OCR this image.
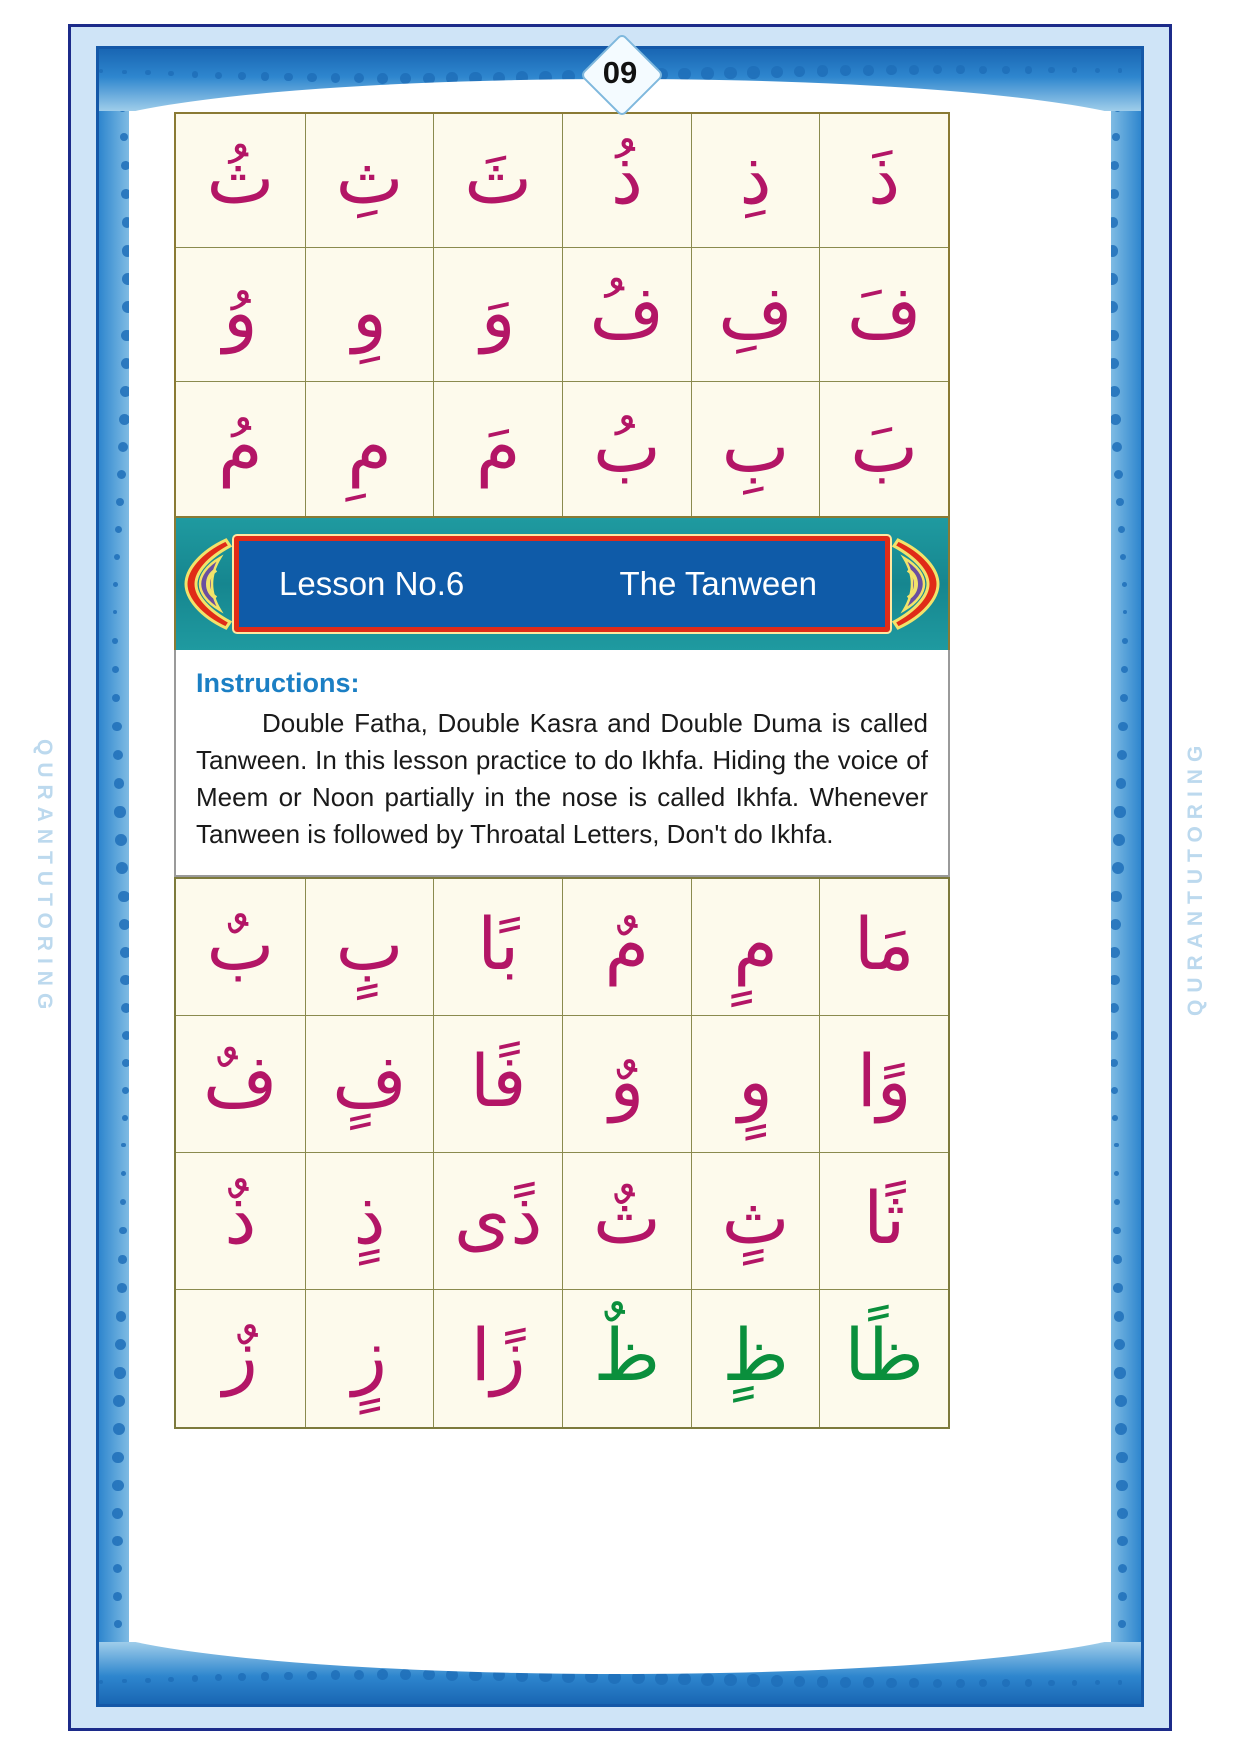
QURANTUTORING	QURANTUTORING
09
ذَ
ذِ
ذُ
ثَ
ثِ
ثُ
فَ
فِ
فُ
وَ
وِ
وُ
بَ
بِ
بُ
مَ
مِ
مُ
Lesson No.6	The Tanween
Instructions:

Double Fatha, Double Kasra and Double Duma is called Tanween. In this lesson practice to do Ikhfa. Hiding the voice of Meem or Noon partially in the nose is called Ikhfa. Whenever Tanween is followed by Throatal Letters, Don't do Ikhfa.

مَا
م
م
با
ب
ب
وا
و
و
فا
ف
ف
ثا
ث
ث
ذى
ذ
ذ
ظا
ظ
ظ
زا
ز
ز
